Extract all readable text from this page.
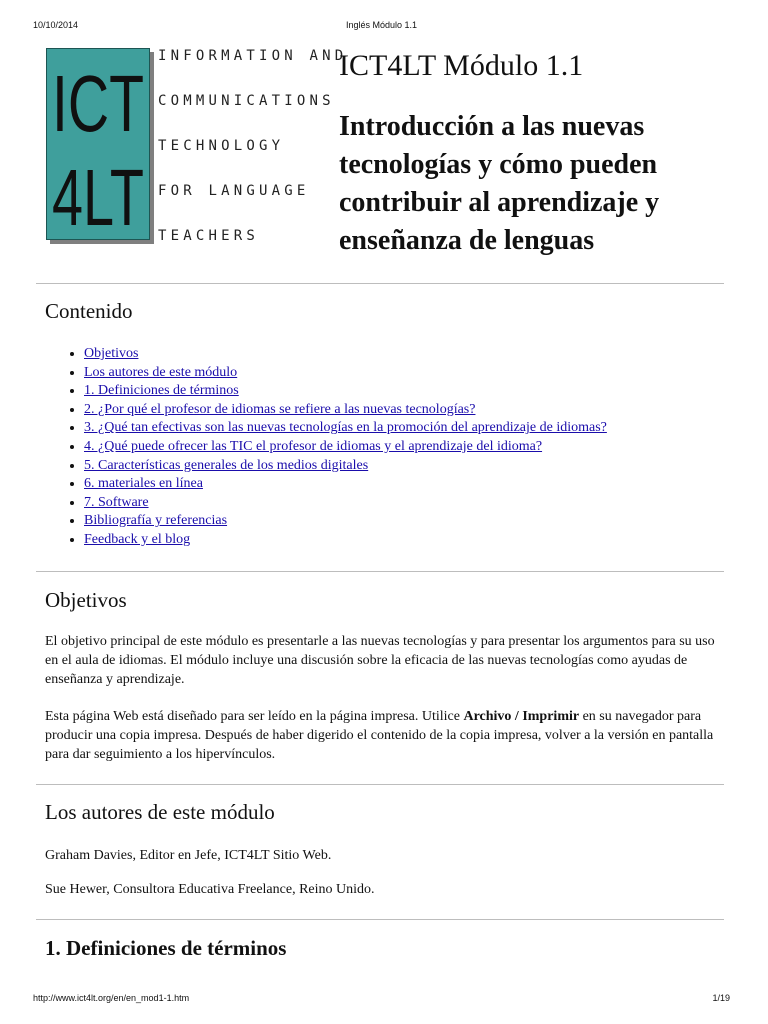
10/10/2014	Inglés Módulo 1.1
ICT
4LT
INFORMATION AND
COMMUNICATIONS
TECHNOLOGY
FOR LANGUAGE
TEACHERS
ICT4LT Módulo 1.1
Introducción a las nuevas tecnologías y cómo pueden contribuir al aprendizaje y enseñanza de lenguas
Contenido
• Objetivos
• Los autores de este módulo
• 1. Definiciones de términos
• 2. ¿Por qué el profesor de idiomas se refiere a las nuevas tecnologías?
• 3. ¿Qué tan efectivas son las nuevas tecnologías en la promoción del aprendizaje de idiomas?
• 4. ¿Qué puede ofrecer las TIC el profesor de idiomas y el aprendizaje del idioma?
• 5. Características generales de los medios digitales
• 6. materiales en línea
• 7. Software
• Bibliografía y referencias
• Feedback y el blog
Objetivos

El objetivo principal de este módulo es presentarle a las nuevas tecnologías y para presentar los argumentos para su uso en el aula de idiomas. El módulo incluye una discusión sobre la eficacia de las nuevas tecnologías como ayudas de enseñanza y aprendizaje.

Esta página Web está diseñado para ser leído en la página impresa. Utilice Archivo / Imprimir en su navegador para producir una copia impresa. Después de haber digerido el contenido de la copia impresa, volver a la versión en pantalla para dar seguimiento a los hipervínculos.

Los autores de este módulo

Graham Davies, Editor en Jefe, ICT4LT Sitio Web.

Sue Hewer, Consultora Educativa Freelance, Reino Unido.

1. Definiciones de términos
http://www.ict4lt.org/en/en_mod1-1.htm	1/19
